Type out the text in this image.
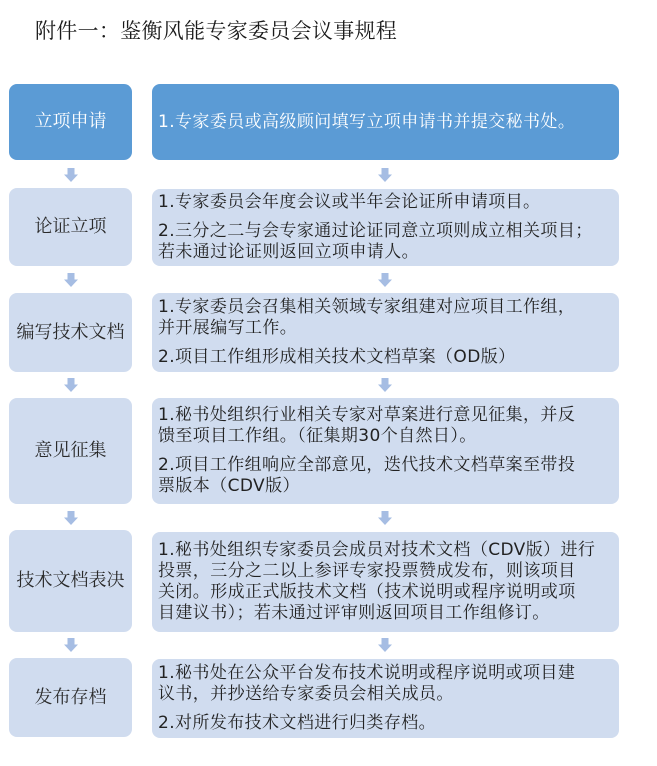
附件一：鉴衡风能专家委员会议事规程
立项申请	1.专家委员或高级顾问填写立项申请书并提交秘书处。

论证立项

1.专家委员会年度会议或半年会论证所申请项目。

2.三分之二与会专家通过论证同意立项则成立相关项目；
若未通过论证则返回立项申请人。

编写技术文档

1.专家委员会召集相关领域专家组建对应项目工作组，
并开展编写工作。

2.项目工作组形成相关技术文档草案（OD版）

意见征集

1.秘书处组织行业相关专家对草案进行意见征集，并反
馈至项目工作组。（征集期30个自然日）。

2.项目工作组响应全部意见，迭代技术文档草案至带投
票版本（CDV版）

技术文档表决

1.秘书处组织专家委员会成员对技术文档（CDV版）进行
投票，三分之二以上参评专家投票赞成发布，则该项目
关闭。形成正式版技术文档（技术说明或程序说明或项
目建议书）；若未通过评审则返回项目工作组修订。

发布存档

1.秘书处在公众平台发布技术说明或程序说明或项目建
议书，并抄送给专家委员会相关成员。

2.对所发布技术文档进行归类存档。
